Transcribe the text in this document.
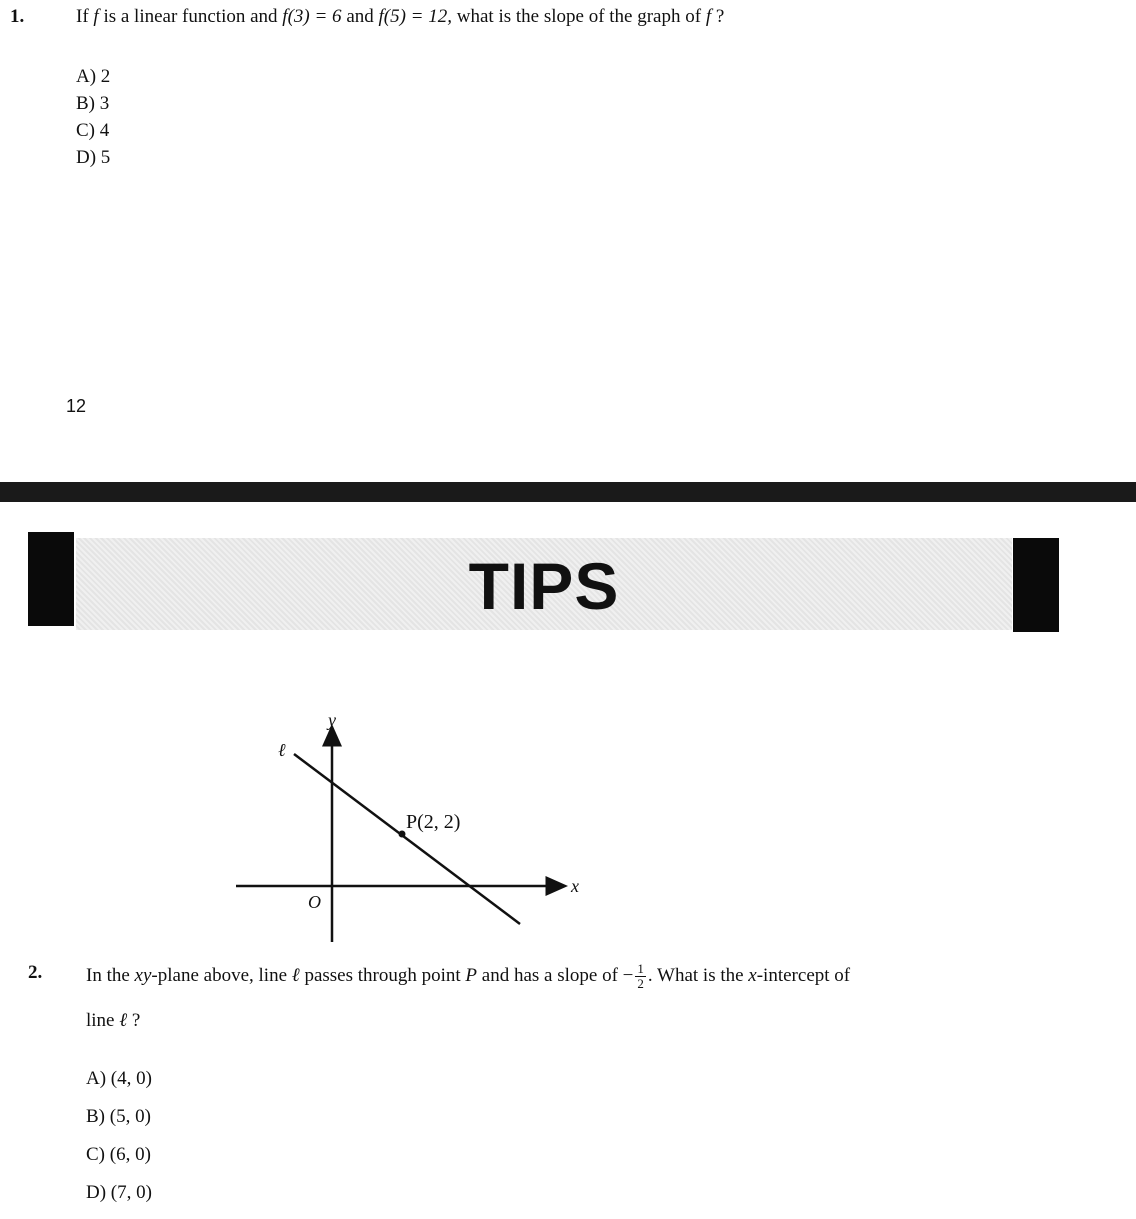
1.	If f is a linear function and f(3) = 6 and f(5) = 12, what is the slope of the graph of f ?
A) 2
B) 3
C) 4
D) 5
12
TIPS
y
x
O
ℓ
P(2, 2)
2. In the xy-plane above, line ℓ passes through point P and has a slope of − $\frac{1}{2}$ . What is the x-intercept of
line ℓ ?
A) (4, 0)
B) (5, 0)
C) (6, 0)
D) (7, 0)
